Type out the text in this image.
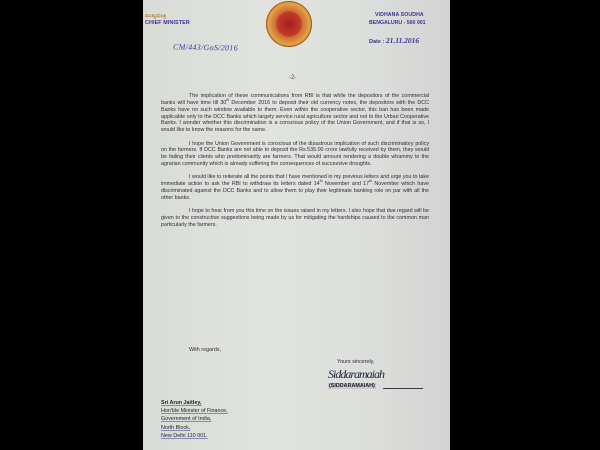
ಮುಖ್ಯಮಂತ್ರಿ
CHIEF MINISTER
CM/443/GoS/2016
VIDHANA SOUDHA
BENGALURU - 560 001
Date : 21.11.2016
-2-

The implication of these communications from RBI is that while the depositors of the commercial banks will have time till 30th December 2016 to deposit their old currency notes, the depositors with the DCC Banks have no such window available to them. Even within the cooperative sector, this ban has been made applicable only to the DCC Banks which largely service rural agriculture sector and not to the Urban Cooperative Banks. I wonder whether this discrimination is a conscious policy of the Union Government, and if that is so, I would like to know the reasons for the same.

I hope the Union Government is conscious of the disastrous implication of such discriminatory policy on the farmers. If DCC Banks are not able to deposit the Rs.535.00 crore lawfully received by them, they would be failing their clients who predominantly are farmers. That would amount rendering a double whammy to the agrarian community which is already suffering the consequences of successive droughts.

I would like to reiterate all the points that I have mentioned in my previous letters and urge you to take immediate action to ask the RBI to withdraw its letters dated 14th November and 17th November which have discriminated against the DCC Banks and to allow them to play their legitimate banking role on par with all the other banks.

I hope to hear from you this time on the issues raised in my letters. I also hope that due regard will be given to the constructive suggestions being made by us for mitigating the hardships caused to the common man particularly the farmers.

With regards,
Yours sincerely,
Siddaramaiah
(SIDDARAMAIAH)
Sri Arun Jaitley,
Hon'ble Minister of Finance,
Government of India,
North Block,
New Delhi 110 001.
